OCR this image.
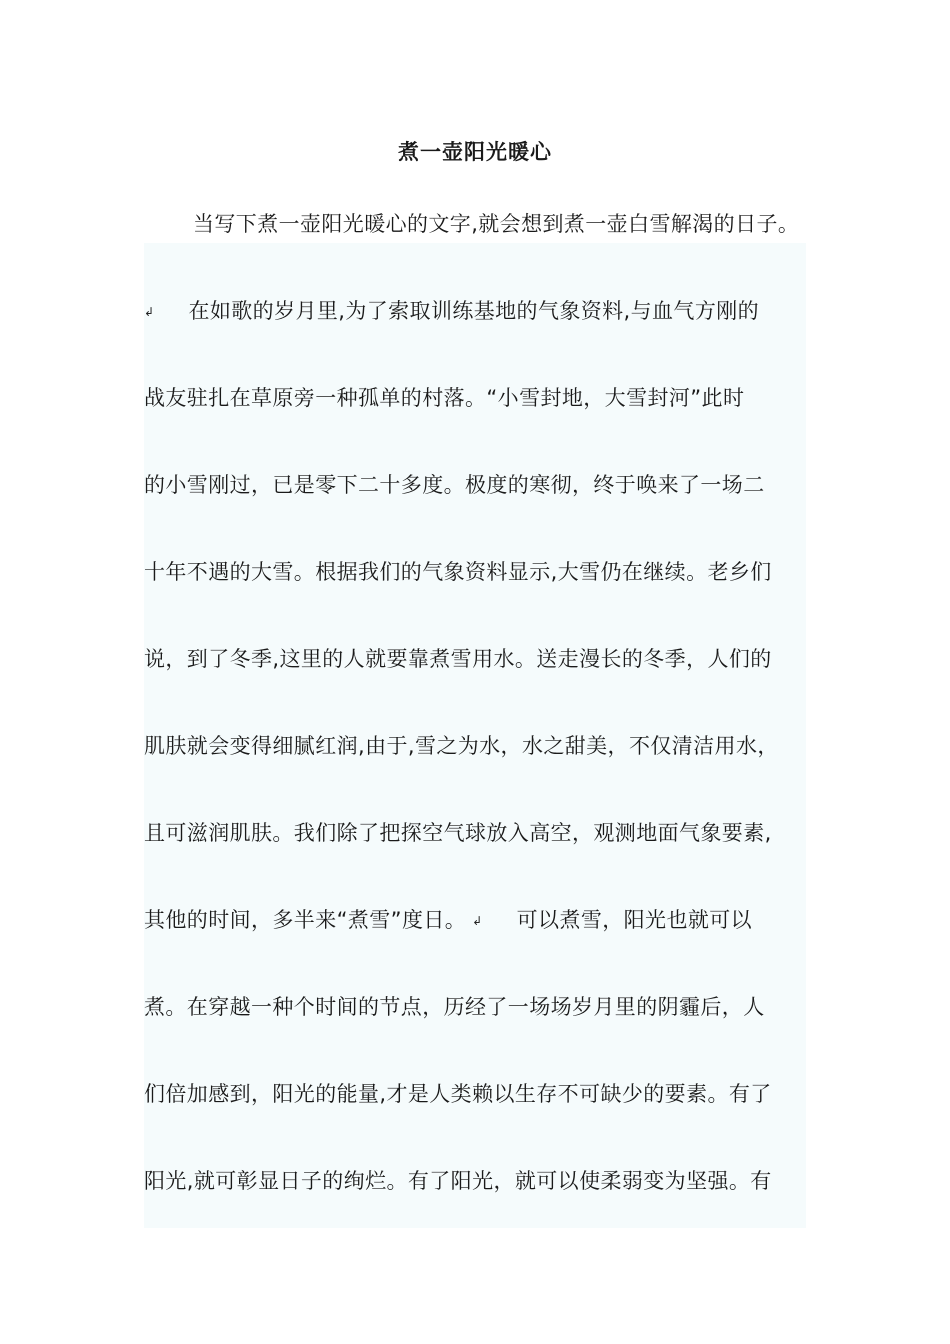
煮一壶阳光暖心
当写下煮一壶阳光暖心的文字,就会想到煮一壶白雪解渴的日子。
↲ 在如歌的岁月里,为了索取训练基地的气象资料,与血气方刚的
战友驻扎在草原旁一种孤单的村落。“小雪封地，大雪封河”此时
的小雪刚过，已是零下二十多度。极度的寒彻，终于唤来了一场二
十年不遇的大雪。根据我们的气象资料显示,大雪仍在继续。老乡们
说，到了冬季,这里的人就要靠煮雪用水。送走漫长的冬季，人们的
肌肤就会变得细腻红润,由于,雪之为水，水之甜美，不仅清洁用水，
且可滋润肌肤。我们除了把探空气球放入高空，观测地面气象要素,
其他的时间，多半来“煮雪”度日。 ↲ 可以煮雪，阳光也就可以
煮。在穿越一种个时间的节点，历经了一场场岁月里的阴霾后，人
们倍加感到，阳光的能量,才是人类赖以生存不可缺少的要素。有了
阳光,就可彰显日子的绚烂。有了阳光，就可以使柔弱变为坚强。有
